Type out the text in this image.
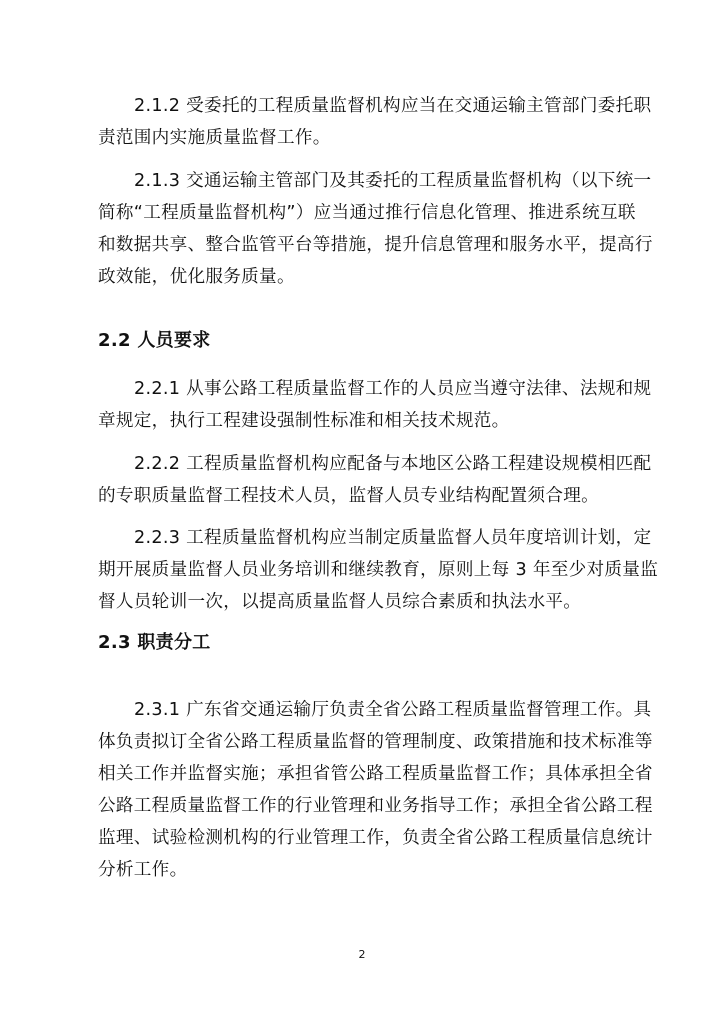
2.1.2 受委托的工程质量监督机构应当在交通运输主管部门委托职
责范围内实施质量监督工作。
2.1.3 交通运输主管部门及其委托的工程质量监督机构（以下统一
简称“工程质量监督机构”）应当通过推行信息化管理、推进系统互联
和数据共享、整合监管平台等措施，提升信息管理和服务水平，提高行
政效能，优化服务质量。
2.2 人员要求
2.2.1 从事公路工程质量监督工作的人员应当遵守法律、法规和规
章规定，执行工程建设强制性标准和相关技术规范。
2.2.2 工程质量监督机构应配备与本地区公路工程建设规模相匹配
的专职质量监督工程技术人员，监督人员专业结构配置须合理。
2.2.3 工程质量监督机构应当制定质量监督人员年度培训计划，定
期开展质量监督人员业务培训和继续教育，原则上每 3 年至少对质量监
督人员轮训一次，以提高质量监督人员综合素质和执法水平。
2.3 职责分工
2.3.1 广东省交通运输厅负责全省公路工程质量监督管理工作。具
体负责拟订全省公路工程质量监督的管理制度、政策措施和技术标准等
相关工作并监督实施；承担省管公路工程质量监督工作；具体承担全省
公路工程质量监督工作的行业管理和业务指导工作；承担全省公路工程
监理、试验检测机构的行业管理工作，负责全省公路工程质量信息统计
分析工作。
2
